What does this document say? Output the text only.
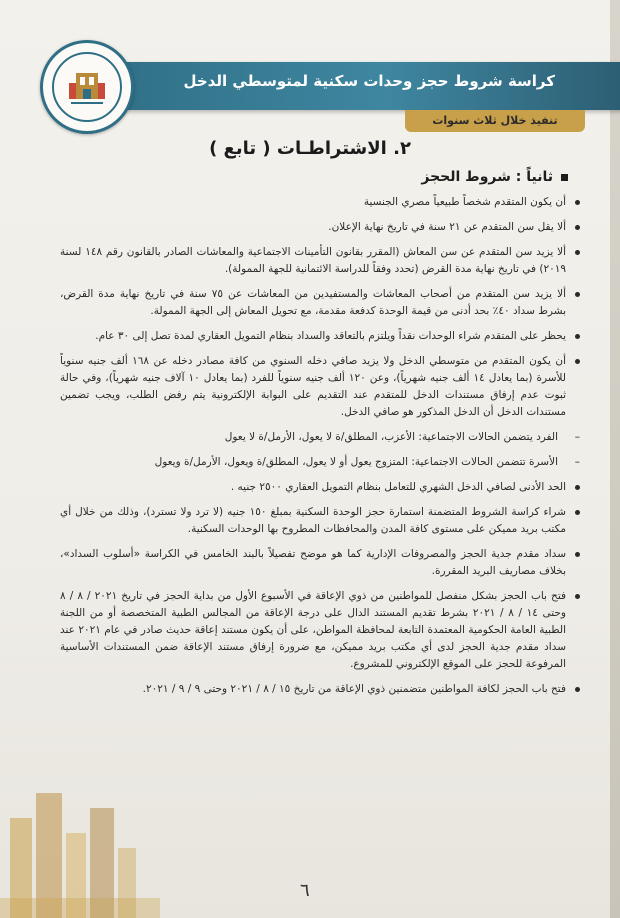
كراسة شروط حجز وحدات سكنية لمتوسطي الدخل
تنفيذ خلال ثلاث سنوات
٢. الاشتراطـات ( تابع )
ثانياً : شروط الحجز
أن يكون المتقدم شخصاً طبيعياً مصري الجنسية
ألا يقل سن المتقدم عن ٢١ سنة في تاريخ نهاية الإعلان.
ألا يزيد سن المتقدم عن سن المعاش (المقرر بقانون التأمينات الاجتماعية والمعاشات الصادر بالقانون رقم ١٤٨ لسنة ٢٠١٩) في تاريخ نهاية مدة القرض (تحدد وفقاً للدراسة الائتمانية للجهة الممولة).
ألا يزيد سن المتقدم من أصحاب المعاشات والمستفيدين من المعاشات عن ٧٥ سنة في تاريخ نهاية مدة القرض، بشرط سداد ٤٠٪ بحد أدنى من قيمة الوحدة كدفعة مقدمة، مع تحويل المعاش إلى الجهة الممولة.
يحظر على المتقدم شراء الوحدات نقداً ويلتزم بالتعاقد والسداد بنظام التمويل العقاري لمدة تصل إلى ٣٠ عام.
أن يكون المتقدم من متوسطي الدخل ولا يزيد صافي دخله السنوي من كافة مصادر دخله عن ١٦٨ ألف جنيه سنوياً للأسرة (بما يعادل ١٤ ألف جنيه شهرياً)، وعن ١٢٠ ألف جنيه سنوياً للفرد (بما يعادل ١٠ آلاف جنيه شهرياً)، وفي حالة ثبوت عدم إرفاق مستندات الدخل للمتقدم عند التقديم على البوابة الإلكترونية يتم رفض الطلب، ويجب تضمين مستندات الدخل أن الدخل المذكور هو صافي الدخل.
–
الفرد يتضمن الحالات الاجتماعية: الأعزب، المطلق/ة لا يعول، الأرمل/ة لا يعول
–
الأسرة تتضمن الحالات الاجتماعية: المتزوج يعول أو لا يعول، المطلق/ة ويعول، الأرمل/ة ويعول
الحد الأدنى لصافي الدخل الشهري للتعامل بنظام التمويل العقاري ٢٥٠٠ جنيه .
شراء كراسة الشروط المتضمنة استمارة حجز الوحدة السكنية بمبلغ ١٥٠ جنيه (لا ترد ولا تسترد)، وذلك من خلال أي مكتب بريد مميكن على مستوى كافة المدن والمحافظات المطروح بها الوحدات السكنية.
سداد مقدم جدية الحجز والمصروفات الإدارية كما هو موضح تفصيلاً بالبند الخامس في الكراسة «أسلوب السداد»، بخلاف مصاريف البريد المقررة.
فتح باب الحجز بشكل منفصل للمواطنين من ذوي الإعاقة في الأسبوع الأول من بداية الحجز في تاريخ ٢٠٢١ / ٨ / ٨ وحتى ١٤ / ٨ / ٢٠٢١ بشرط تقديم المستند الدال على درجة الإعاقة من المجالس الطبية المتخصصة أو من اللجنة الطبية العامة الحكومية المعتمدة التابعة لمحافظة المواطن، على أن يكون مستند إعاقة حديث صادر في عام ٢٠٢١ عند سداد مقدم جدية الحجز لدى أي مكتب بريد مميكن، مع ضرورة إرفاق مستند الإعاقة ضمن المستندات الأساسية المرفوعة للحجز على الموقع الإلكتروني للمشروع.
فتح باب الحجز لكافة المواطنين متضمنين ذوي الإعاقة من تاريخ ١٥ / ٨ / ٢٠٢١ وحتى ٩ / ٩ / ٢٠٢١.
٦
